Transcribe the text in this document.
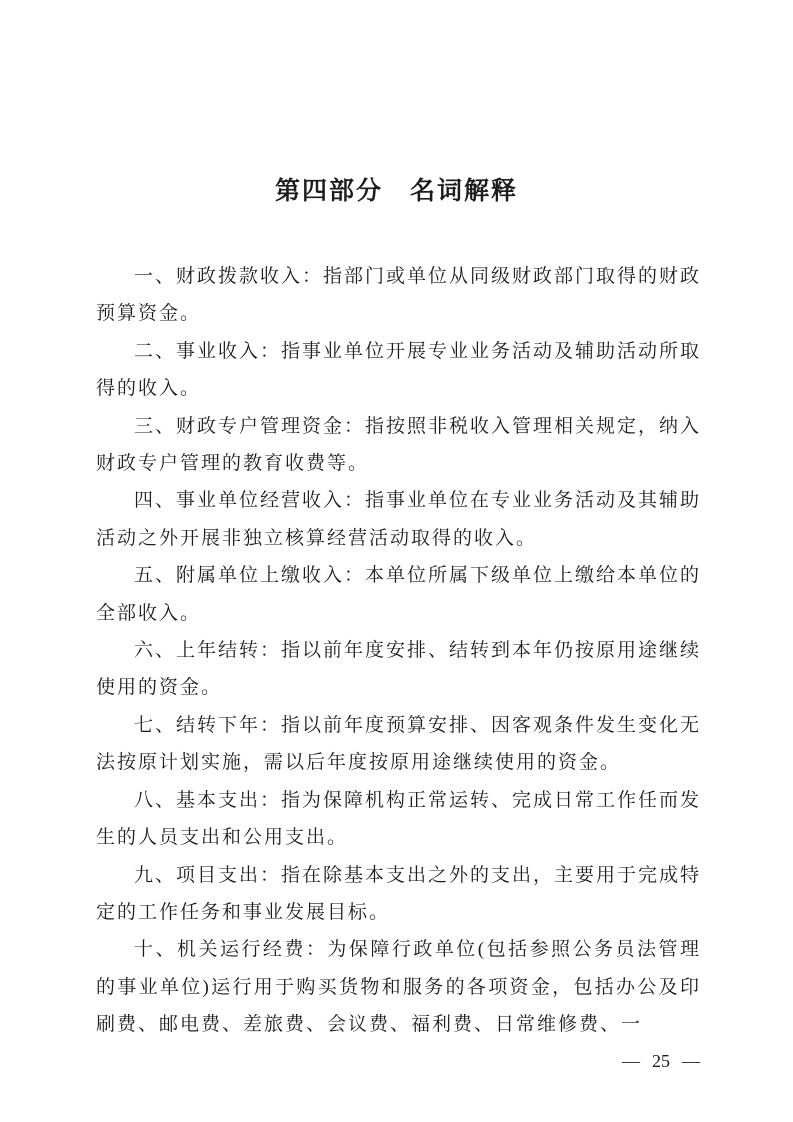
第四部分　名词解释

一、财政拨款收入：指部门或单位从同级财政部门取得的财政预算资金。

二、事业收入：指事业单位开展专业业务活动及辅助活动所取得的收入。

三、财政专户管理资金：指按照非税收入管理相关规定，纳入财政专户管理的教育收费等。

四、事业单位经营收入：指事业单位在专业业务活动及其辅助活动之外开展非独立核算经营活动取得的收入。

五、附属单位上缴收入：本单位所属下级单位上缴给本单位的全部收入。

六、上年结转：指以前年度安排、结转到本年仍按原用途继续使用的资金。

七、结转下年：指以前年度预算安排、因客观条件发生变化无法按原计划实施，需以后年度按原用途继续使用的资金。

八、基本支出：指为保障机构正常运转、完成日常工作任而发生的人员支出和公用支出。

九、项目支出：指在除基本支出之外的支出，主要用于完成特定的工作任务和事业发展目标。

十、机关运行经费：为保障行政单位(包括参照公务员法管理的事业单位)运行用于购买货物和服务的各项资金，包括办公及印刷费、邮电费、差旅费、会议费、福利费、日常维修费、一

— 25 —
